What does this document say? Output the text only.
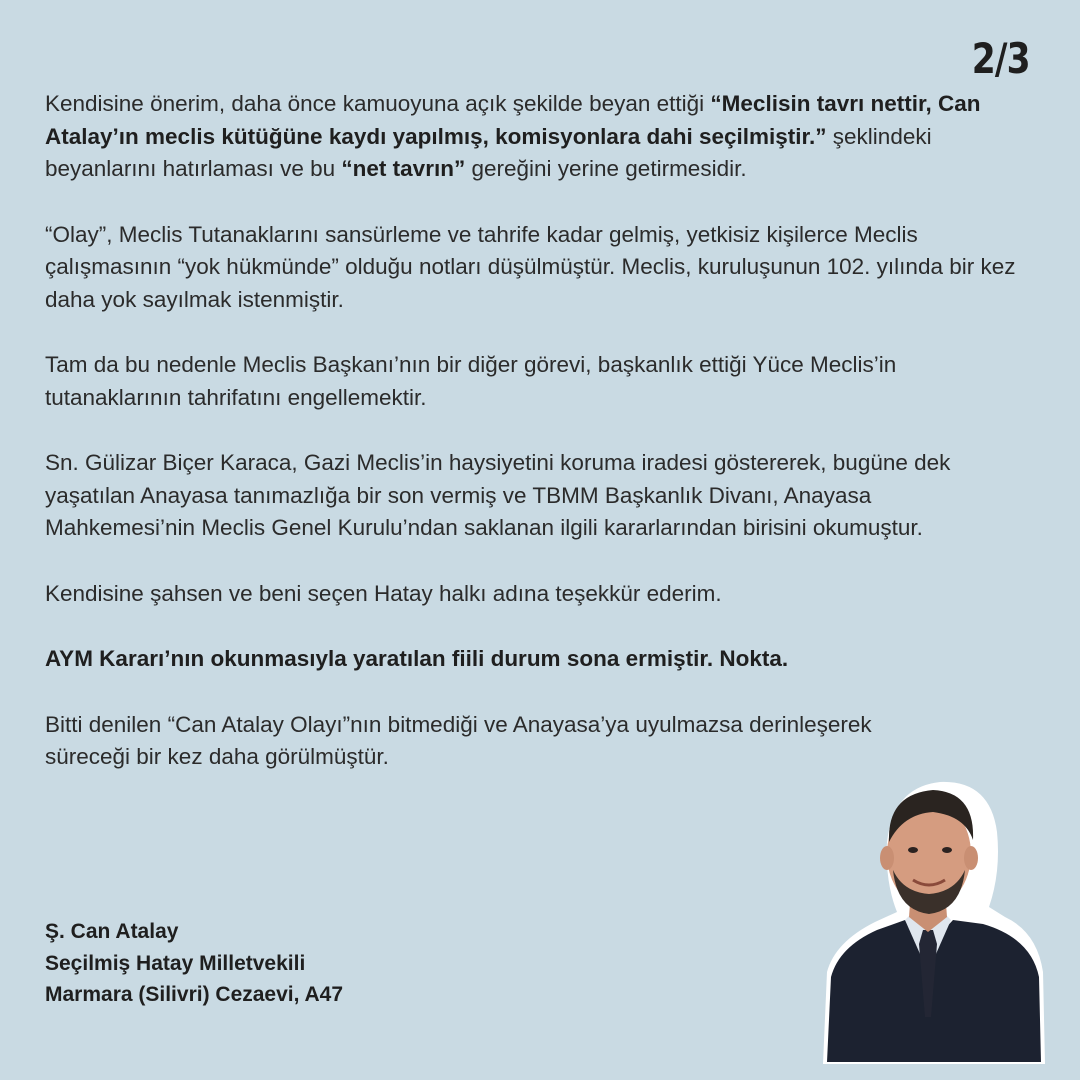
2/3

Kendisine önerim, daha önce kamuoyuna açık şekilde beyan ettiği “Meclisin tavrı nettir, Can Atalay’ın meclis kütüğüne kaydı yapılmış, komisyonlara dahi seçilmiştir.” şeklindeki beyanlarını hatırlaması ve bu “net tavrın” gereğini yerine getirmesidir.

“Olay”, Meclis Tutanaklarını sansürleme ve tahrife kadar gelmiş, yetkisiz kişilerce Meclis çalışmasının “yok hükmünde” olduğu notları düşülmüştür. Meclis, kuruluşunun 102. yılında bir kez daha yok sayılmak istenmiştir.

Tam da bu nedenle Meclis Başkanı’nın bir diğer görevi, başkanlık ettiği Yüce Meclis’in tutanaklarının tahrifatını engellemektir.

Sn. Gülizar Biçer Karaca, Gazi Meclis’in haysiyetini koruma iradesi göstererek, bugüne dek yaşatılan Anayasa tanımazlığa bir son vermiş ve TBMM Başkanlık Divanı, Anayasa Mahkemesi’nin Meclis Genel Kurulu’ndan saklanan ilgili kararlarından birisini okumuştur.

Kendisine şahsen ve beni seçen Hatay halkı adına teşekkür ederim.

AYM Kararı’nın okunmasıyla yaratılan fiili durum sona ermiştir. Nokta.

Bitti denilen “Can Atalay Olayı”nın bitmediği ve Anayasa’ya uyulmazsa derinleşerek süreceği bir kez daha görülmüştür.

Ş. Can Atalay
Seçilmiş Hatay Milletvekili
Marmara (Silivri) Cezaevi, A47
